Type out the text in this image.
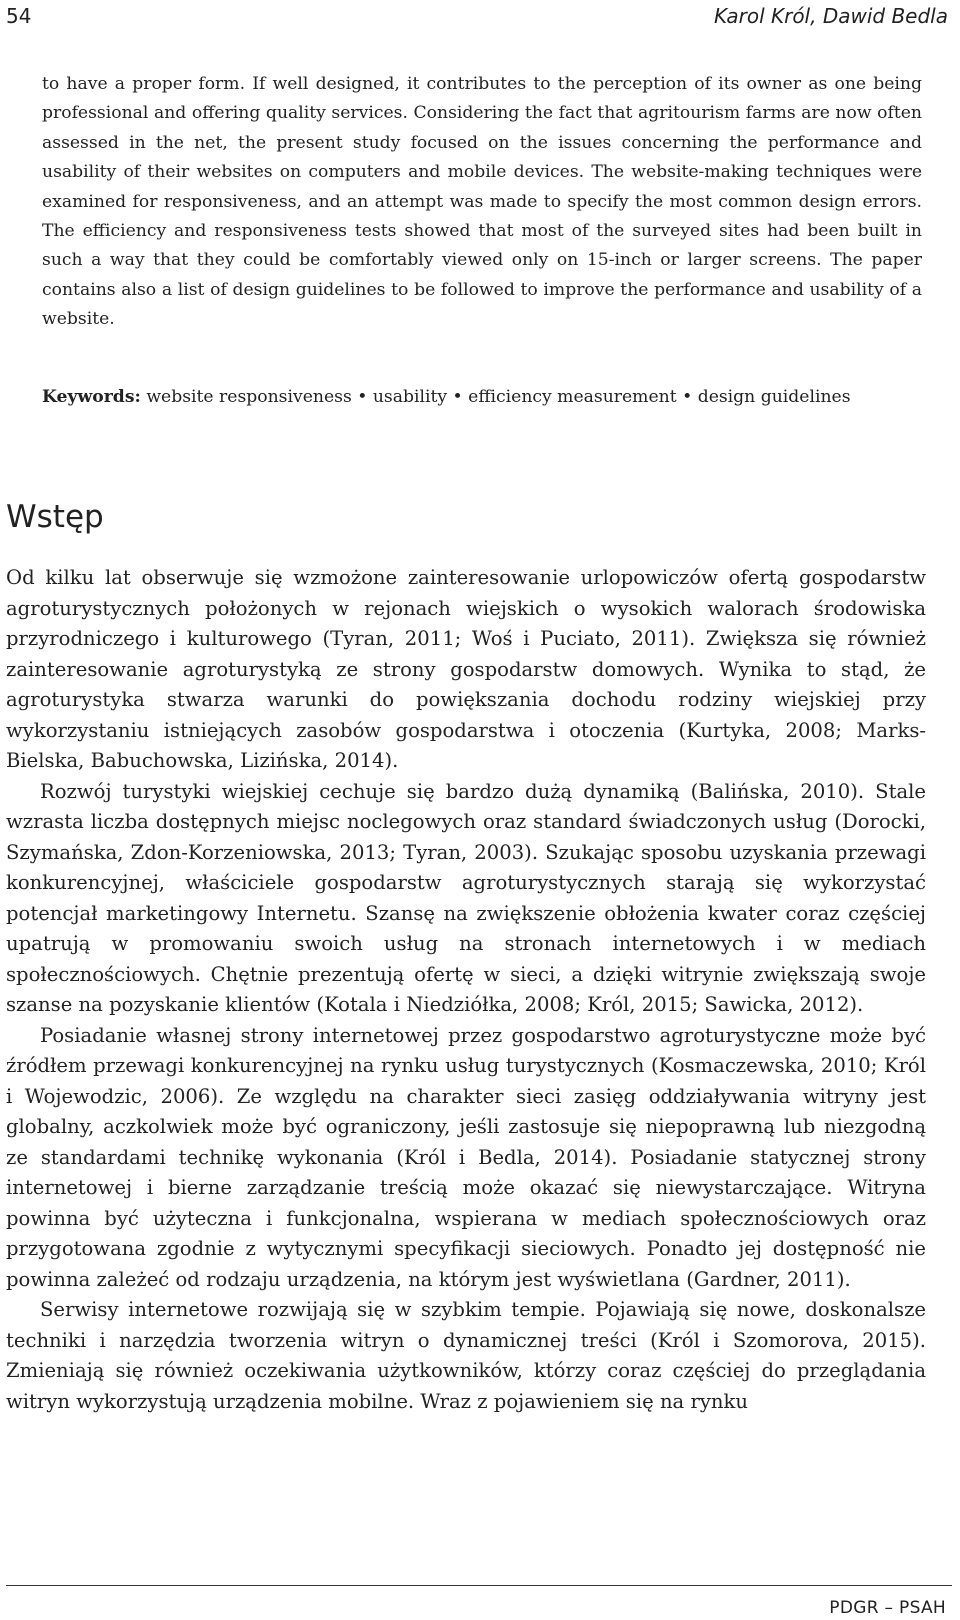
54	Karol Król, Dawid Bedla

to have a proper form. If well designed, it contributes to the perception of its owner as one being professional and offering quality services. Considering the fact that agritourism farms are now often assessed in the net, the present study focused on the issues concerning the performance and usability of their websites on computers and mobile devices. The website-making techniques were examined for responsiveness, and an attempt was made to specify the most common design errors. The efficiency and responsiveness tests showed that most of the surveyed sites had been built in such a way that they could be comfortably viewed only on 15-inch or larger screens. The paper contains also a list of design guidelines to be followed to improve the performance and usability of a website.

Keywords: website responsiveness • usability • efficiency measurement • design guidelines

Wstęp

Od kilku lat obserwuje się wzmożone zainteresowanie urlopowiczów ofertą gospodarstw agroturystycznych położonych w rejonach wiejskich o wysokich walorach środowiska przyrodniczego i kulturowego (Tyran, 2011; Woś i Puciato, 2011). Zwiększa się również zainteresowanie agroturystyką ze strony gospodarstw domowych. Wynika to stąd, że agroturystyka stwarza warunki do powiększania dochodu rodziny wiejskiej przy wykorzystaniu istniejących zasobów gospodarstwa i otoczenia (Kurtyka, 2008; Marks-Bielska, Babuchowska, Lizińska, 2014).

Rozwój turystyki wiejskiej cechuje się bardzo dużą dynamiką (Balińska, 2010). Stale wzrasta liczba dostępnych miejsc noclegowych oraz standard świadczonych usług (Dorocki, Szymańska, Zdon-Korzeniowska, 2013; Tyran, 2003). Szukając sposobu uzyskania przewagi konkurencyjnej, właściciele gospodarstw agroturystycznych starają się wykorzystać potencjał marketingowy Internetu. Szansę na zwiększenie obłożenia kwater coraz częściej upatrują w promowaniu swoich usług na stronach internetowych i w mediach społecznościowych. Chętnie prezentują ofertę w sieci, a dzięki witrynie zwiększają swoje szanse na pozyskanie klientów (Kotala i Niedziółka, 2008; Król, 2015; Sawicka, 2012).

Posiadanie własnej strony internetowej przez gospodarstwo agroturystyczne może być źródłem przewagi konkurencyjnej na rynku usług turystycznych (Kosmaczewska, 2010; Król i Wojewodzic, 2006). Ze względu na charakter sieci zasięg oddziaływania witryny jest globalny, aczkolwiek może być ograniczony, jeśli zastosuje się niepoprawną lub niezgodną ze standardami technikę wykonania (Król i Bedla, 2014). Posiadanie statycznej strony internetowej i bierne zarządzanie treścią może okazać się niewystarczające. Witryna powinna być użyteczna i funkcjonalna, wspierana w mediach społecznościowych oraz przygotowana zgodnie z wytycznymi specyfikacji sieciowych. Ponadto jej dostępność nie powinna zależeć od rodzaju urządzenia, na którym jest wyświetlana (Gardner, 2011).

Serwisy internetowe rozwijają się w szybkim tempie. Pojawiają się nowe, doskonalsze techniki i narzędzia tworzenia witryn o dynamicznej treści (Król i Szomorova, 2015). Zmieniają się również oczekiwania użytkowników, którzy coraz częściej do przeglądania witryn wykorzystują urządzenia mobilne. Wraz z pojawieniem się na rynku

PDGR – PSAH
